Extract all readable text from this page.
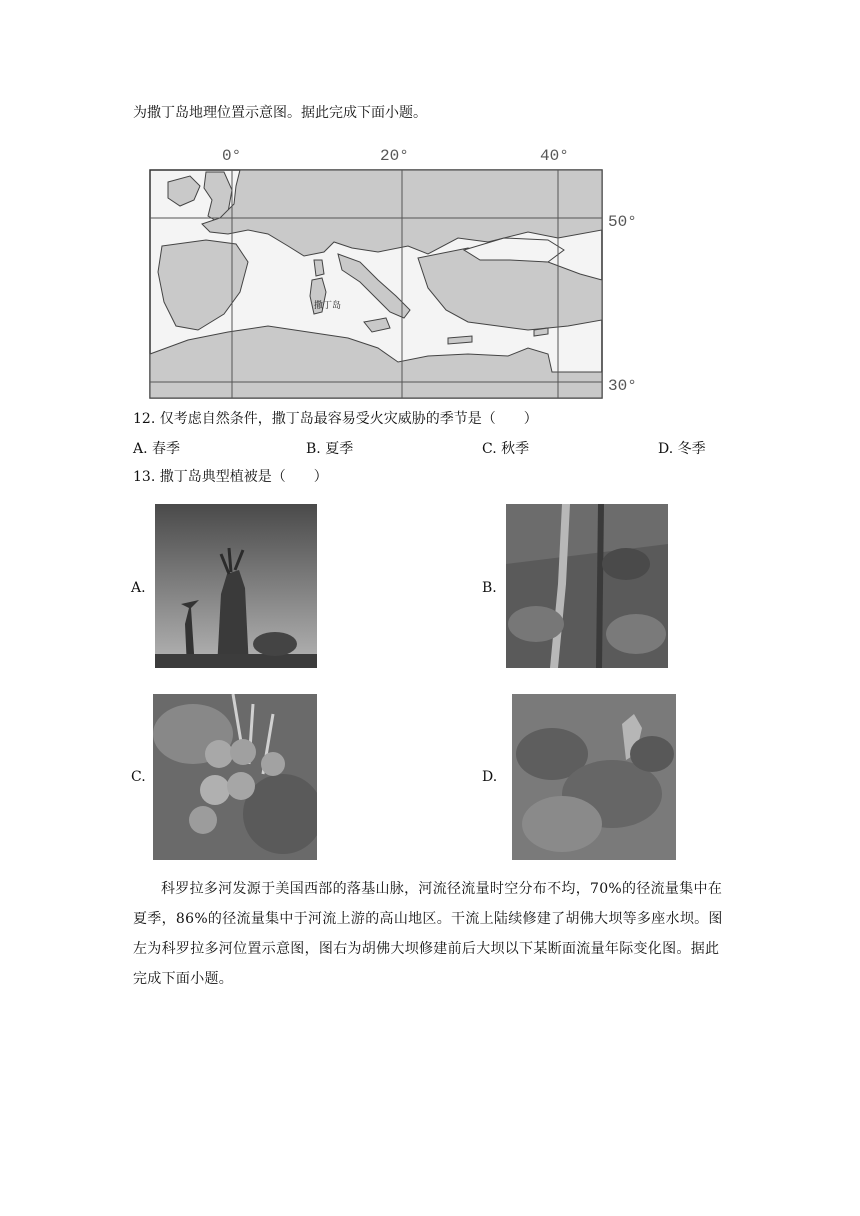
为撒丁岛地理位置示意图。据此完成下面小题。
0°	20°	40°
50°
30°
撒丁岛
12. 仅考虑自然条件，撒丁岛最容易受火灾威胁的季节是（　　）
A. 春季	B. 夏季	C. 秋季	D. 冬季
13. 撒丁岛典型植被是（　　）
A.	B.
C.	D.
科罗拉多河发源于美国西部的落基山脉，河流径流量时空分布不均，70%的径流量集中在夏季，86%的径流量集中于河流上游的高山地区。干流上陆续修建了胡佛大坝等多座水坝。图左为科罗拉多河位置示意图，图右为胡佛大坝修建前后大坝以下某断面流量年际变化图。据此完成下面小题。
